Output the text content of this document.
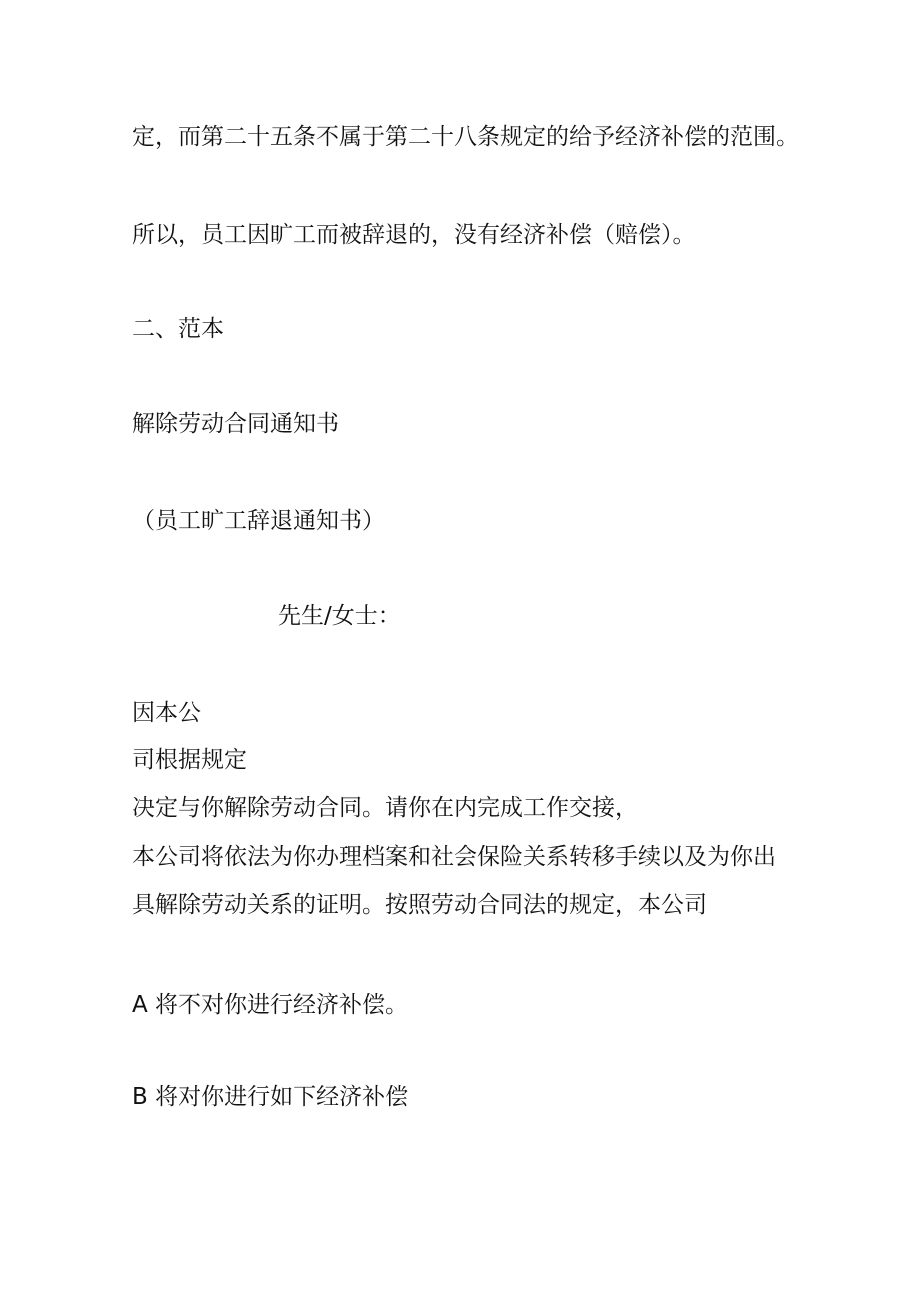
定，而第二十五条不属于第二十八条规定的给予经济补偿的范围。
所以，员工因旷工而被辞退的，没有经济补偿（赔偿）。
二、范本
解除劳动合同通知书
（员工旷工辞退通知书）
先生/女士：
因本公
司根据规定
决定与你解除劳动合同。请你在内完成工作交接，
本公司将依法为你办理档案和社会保险关系转移手续以及为你出
具解除劳动关系的证明。按照劳动合同法的规定，本公司
A 将不对你进行经济补偿。
B 将对你进行如下经济补偿
